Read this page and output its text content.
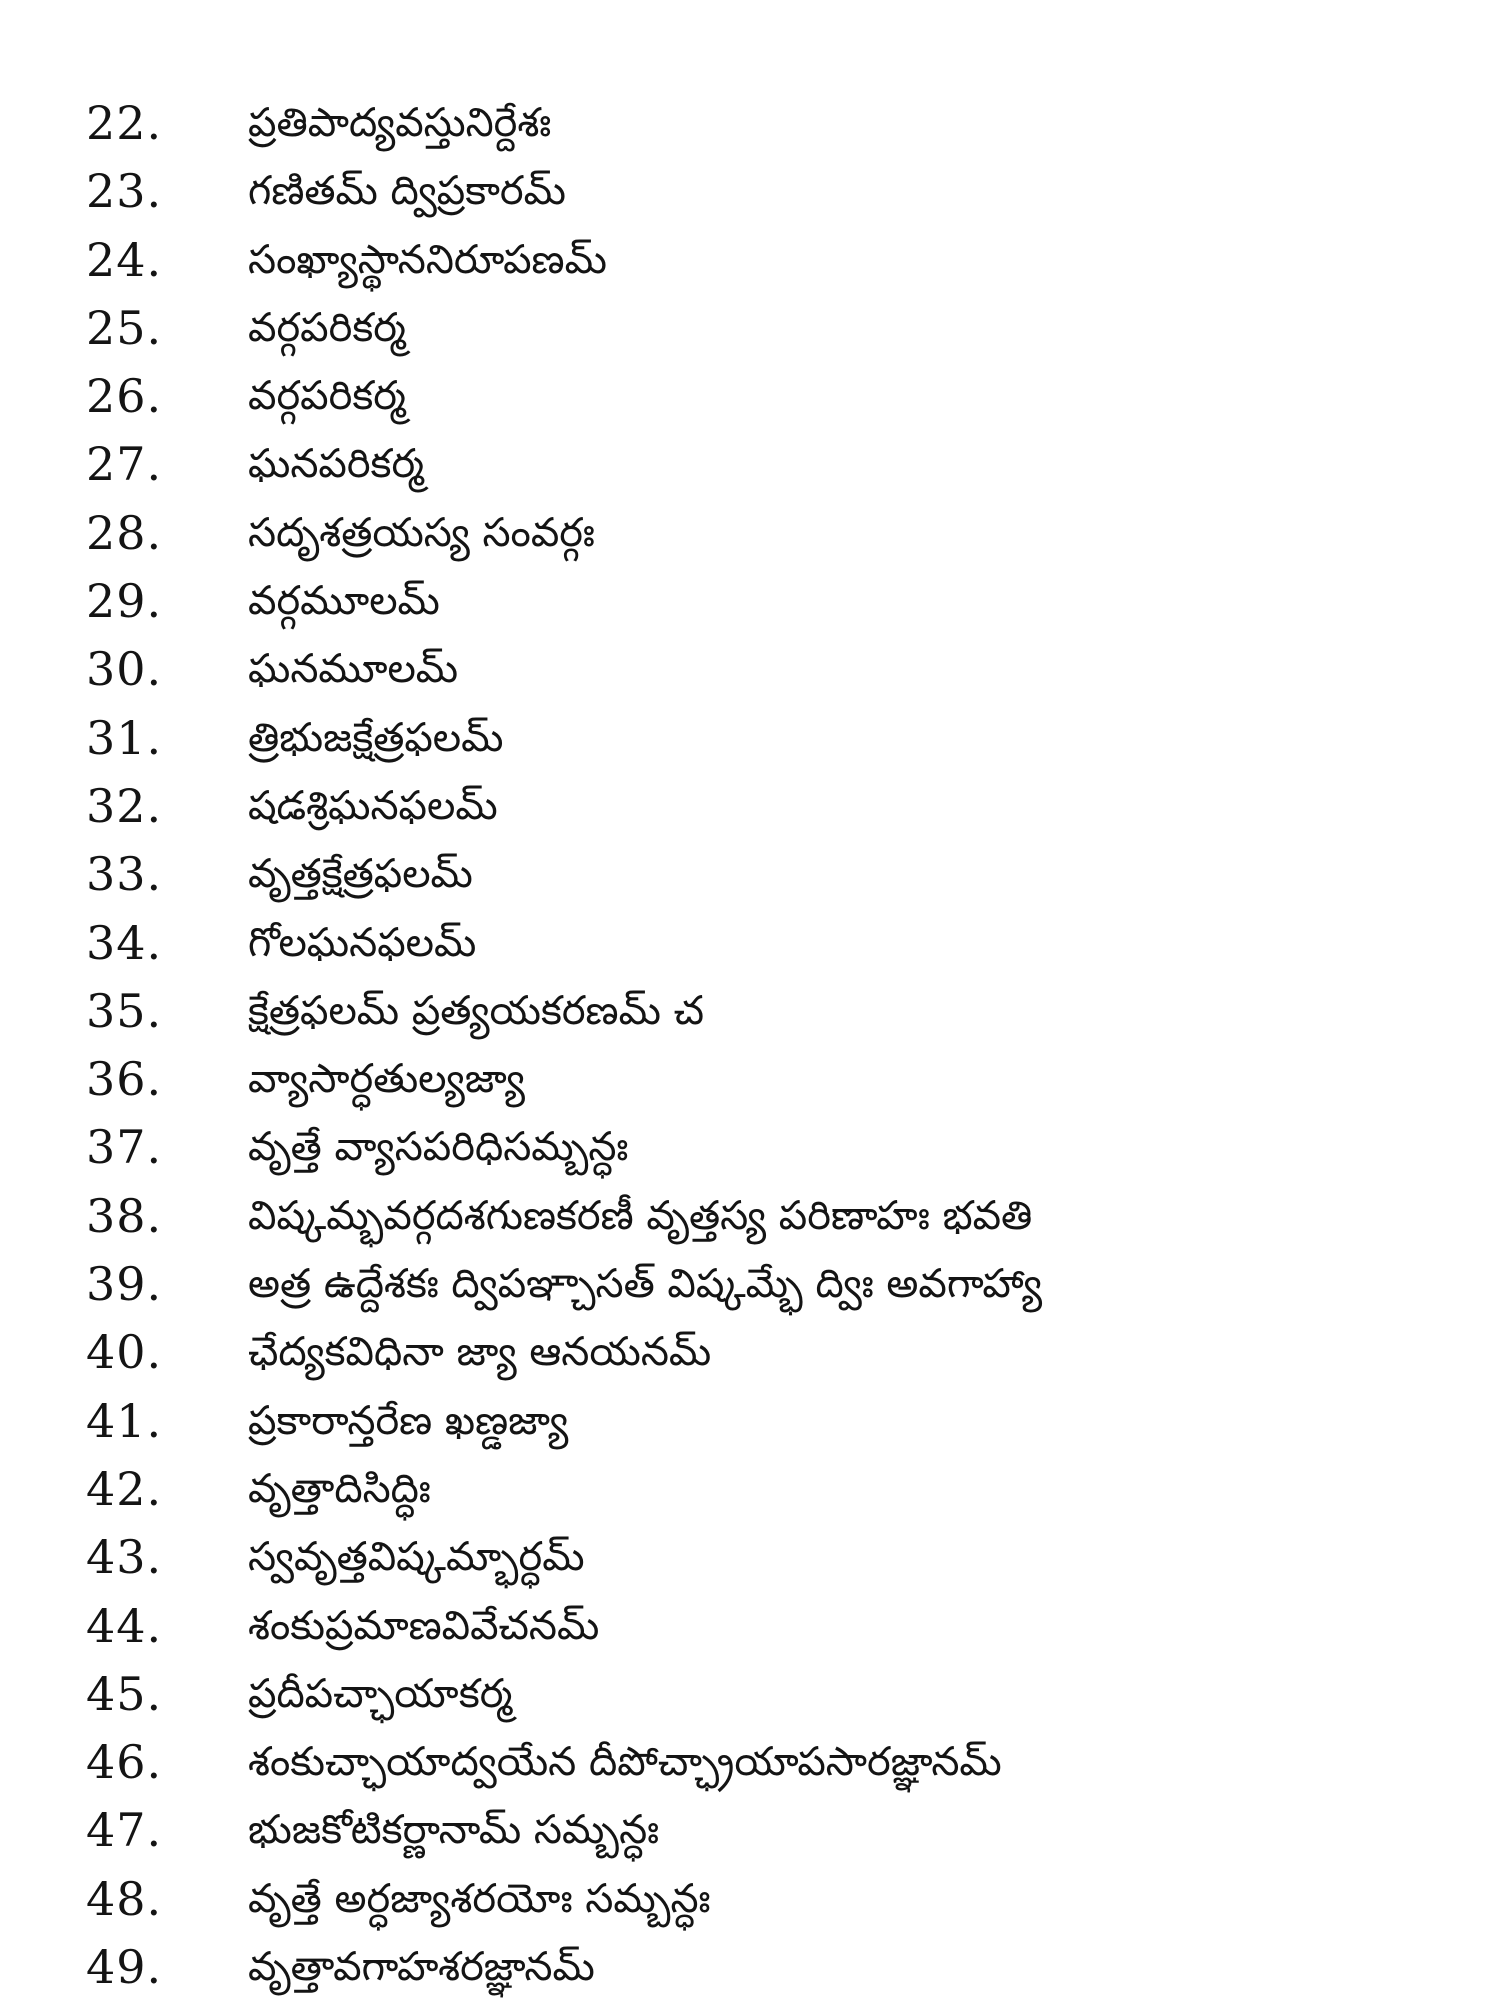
22. ప్రతిపాద్యవస్తునిర్దేశః
23. గణితమ్ ద్విప్రకారమ్
24. సంఖ్యాస్థాననిరూపణమ్
25. వర్గపరికర్మ
26. వర్గపరికర్మ
27. ఘనపరికర్మ
28. సదృశత్రయస్య సంవర్గః
29. వర్గమూలమ్
30. ఘనమూలమ్
31. త్రిభుజక్షేత్రఫలమ్
32. షడశ్రిఘనఫలమ్
33. వృత్తక్షేత్రఫలమ్
34. గోలఘనఫలమ్
35. క్షేత్రఫలమ్ ప్రత్యయకరణమ్ చ
36. వ్యాసార్ధతుల్యజ్యా
37. వృత్తే వ్యాసపరిధిసమ్బన్ధః
38. విష్కమ్భవర్గదశగుణకరణీ వృత్తస్య పరిణాహః భవతి
39. అత్ర ఉద్దేశకః ద్విపఞ్చాసత్ విష్కమ్భే ద్విః అవగాహ్యా
40. ఛేద్యకవిధినా జ్యా ఆనయనమ్
41. ప్రకారాన్తరేణ ఖణ్డజ్యా
42. వృత్తాదిసిద్ధిః
43. స్వవృత్తవిష్కమ్భార్ధమ్
44. శంకుప్రమాణవివేచనమ్
45. ప్రదీపచ్ఛాయాకర్మ
46. శంకుచ్ఛాయాద్వయేన దీపోచ్ఛ్రాయాపసారజ్ఞానమ్
47. భుజకోటికర్ణానామ్ సమ్బన్ధః
48. వృత్తే అర్ధజ్యాశరయోః సమ్బన్ధః
49. వృత్తావగాహశరజ్ఞానమ్
